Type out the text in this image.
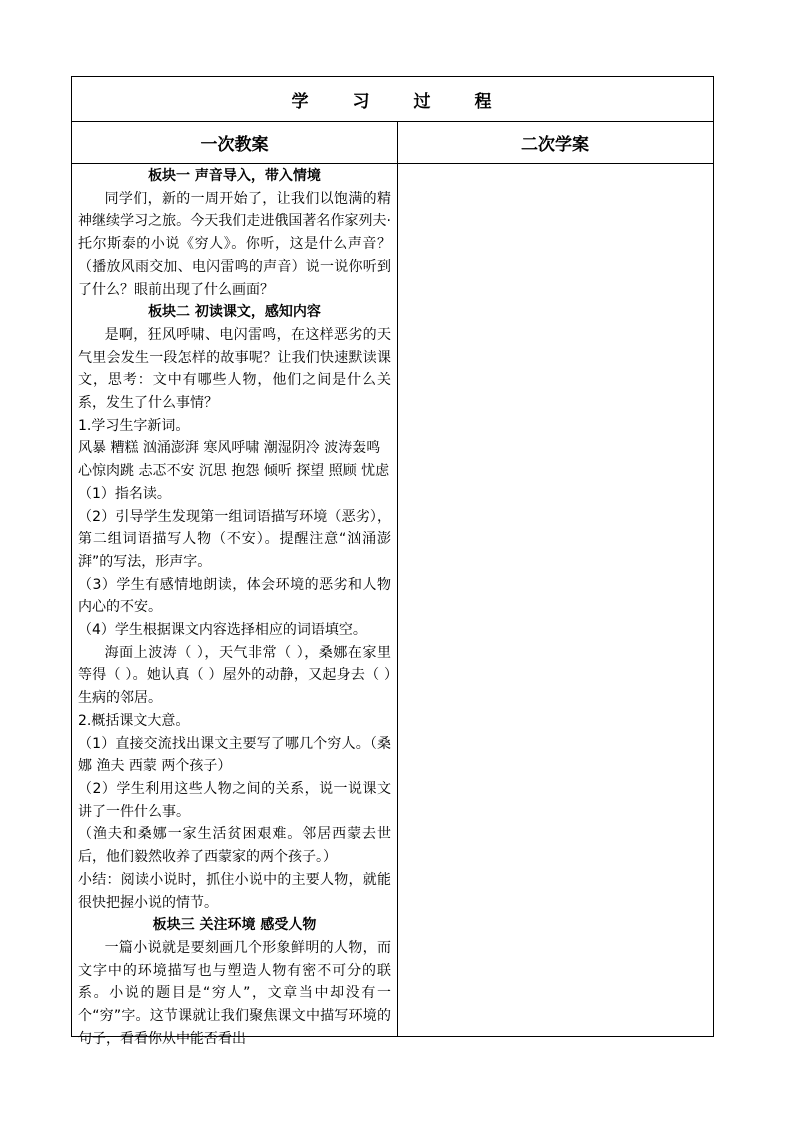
学 习 过 程
一次教案	二次学案

板块一 声音导入，带入情境

同学们，新的一周开始了，让我们以饱满的精神继续学习之旅。今天我们走进俄国著名作家列夫·托尔斯泰的小说《穷人》。你听，这是什么声音？（播放风雨交加、电闪雷鸣的声音）说一说你听到了什么？眼前出现了什么画面？

板块二 初读课文，感知内容

是啊，狂风呼啸、电闪雷鸣，在这样恶劣的天气里会发生一段怎样的故事呢？让我们快速默读课文，思考：文中有哪些人物，他们之间是什么关系，发生了什么事情？

1.学习生字新词。

风暴 糟糕 汹涌澎湃 寒风呼啸 潮湿阴冷 波涛轰鸣

心惊肉跳 忐忑不安 沉思 抱怨 倾听 探望 照顾 忧虑

（1）指名读。

（2）引导学生发现第一组词语描写环境（恶劣），第二组词语描写人物（不安）。提醒注意“汹涌澎湃”的写法，形声字。

（3）学生有感情地朗读，体会环境的恶劣和人物内心的不安。

（4）学生根据课文内容选择相应的词语填空。

海面上波涛（ ），天气非常（ ），桑娜在家里等得（ ）。她认真（ ）屋外的动静，又起身去（ ）生病的邻居。

2.概括课文大意。

（1）直接交流找出课文主要写了哪几个穷人。（桑娜 渔夫 西蒙 两个孩子）

（2）学生利用这些人物之间的关系，说一说课文讲了一件什么事。

（渔夫和桑娜一家生活贫困艰难。邻居西蒙去世后，他们毅然收养了西蒙家的两个孩子。）

小结：阅读小说时，抓住小说中的主要人物，就能很快把握小说的情节。

板块三 关注环境 感受人物

一篇小说就是要刻画几个形象鲜明的人物，而文字中的环境描写也与塑造人物有密不可分的联系。小说的题目是“穷人”，文章当中却没有一个“穷”字。这节课就让我们聚焦课文中描写环境的句子，看看你从中能否看出
